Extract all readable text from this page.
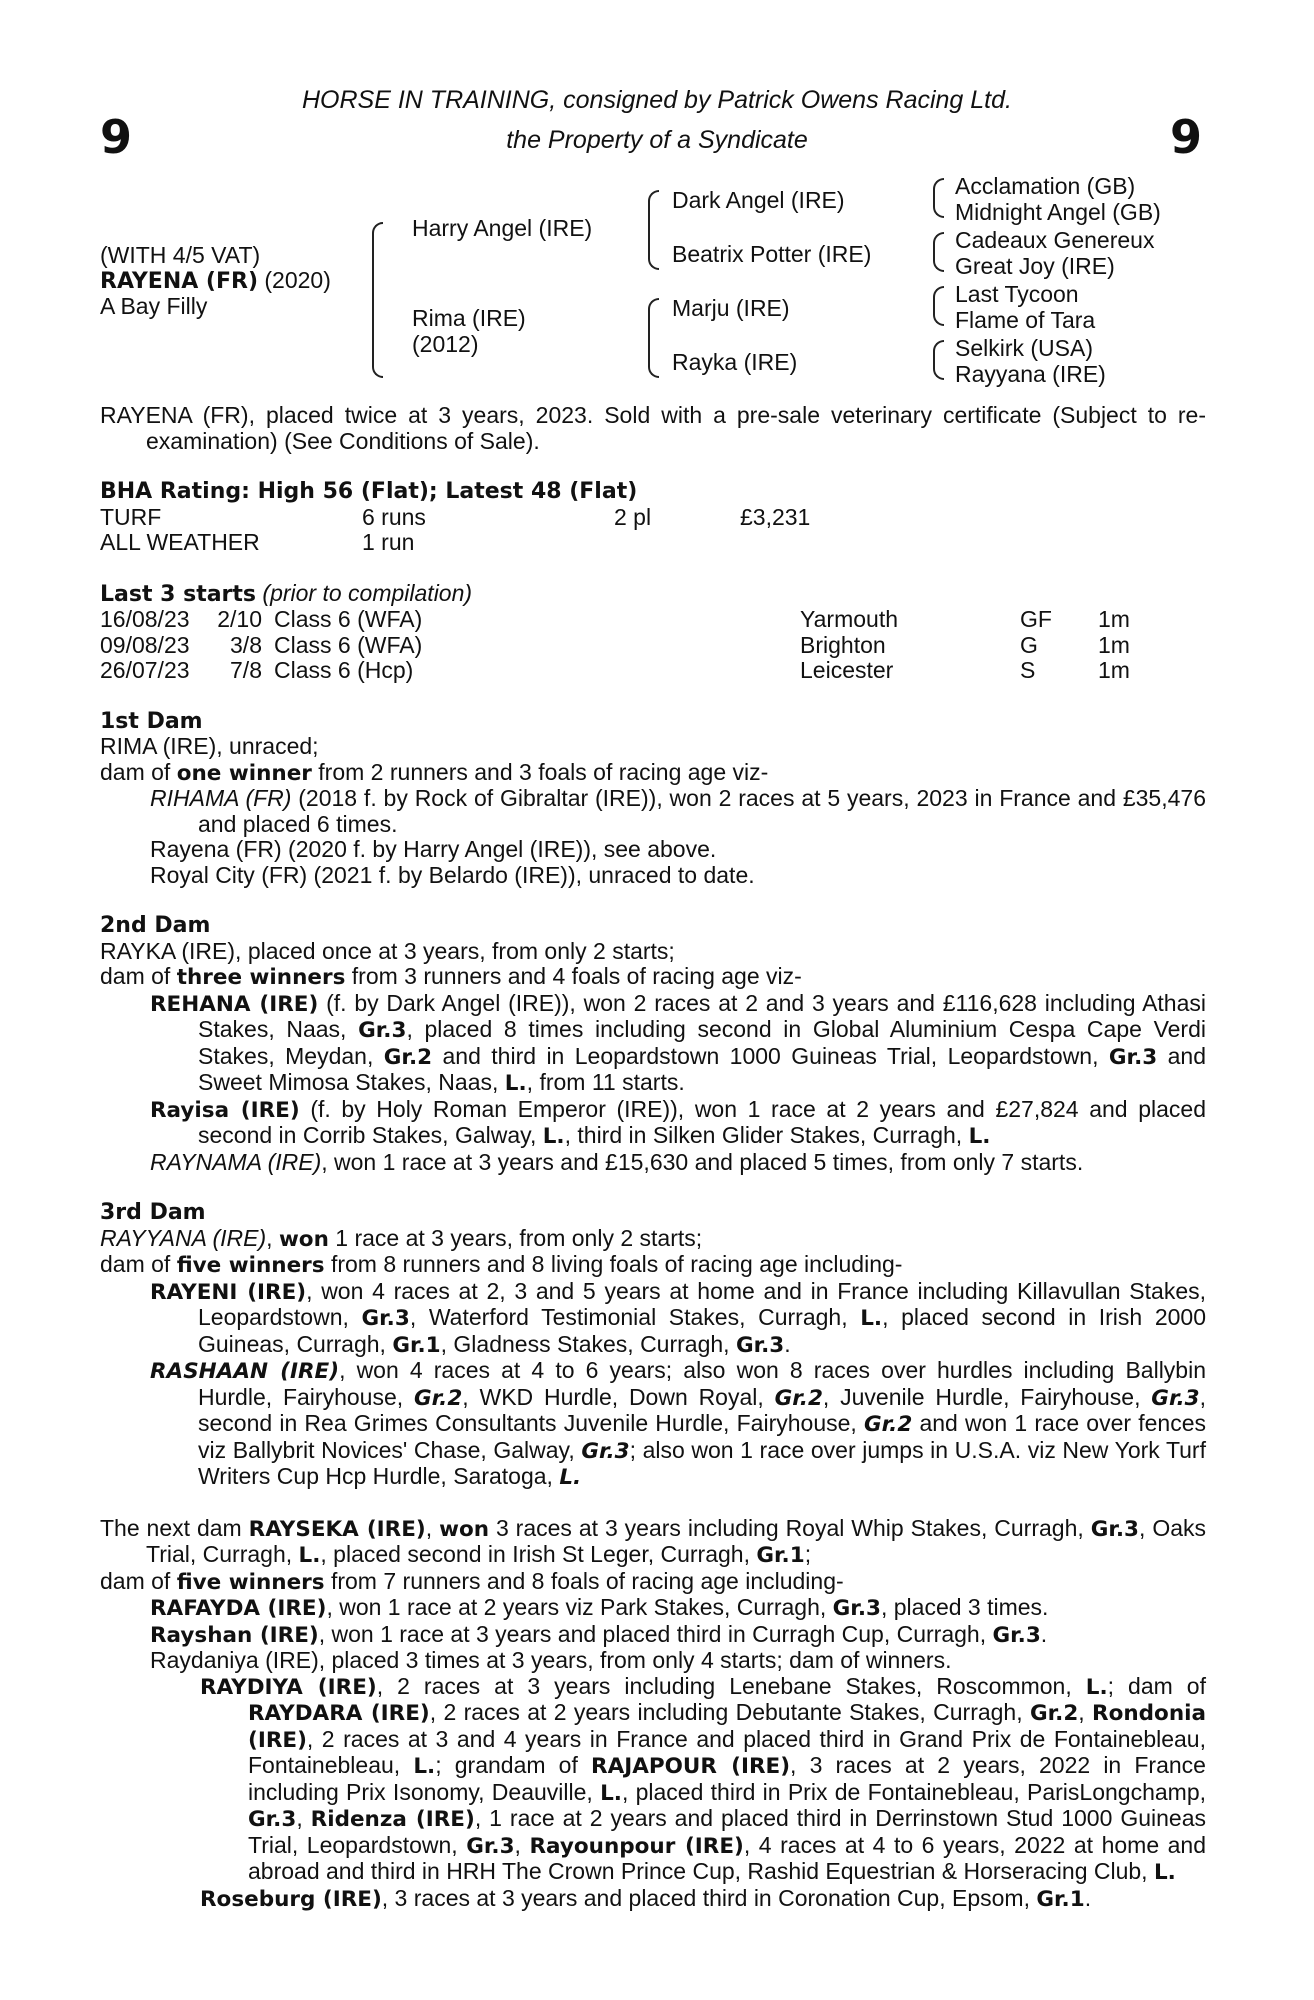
9	9
HORSE IN TRAINING, consigned by Patrick Owens Racing Ltd.
the Property of a Syndicate
(WITH 4/5 VAT)
RAYENA (FR) (2020)
A Bay Filly
Harry Angel (IRE)
Rima (IRE)
(2012)
Dark Angel (IRE)
Beatrix Potter (IRE)
Marju (IRE)
Rayka (IRE)
Acclamation (GB)
Midnight Angel (GB)
Cadeaux Genereux
Great Joy (IRE)
Last Tycoon
Flame of Tara
Selkirk (USA)
Rayyana (IRE)

RAYENA (FR), placed twice at 3 years, 2023. Sold with a pre-sale veterinary certificate (Subject to re- examination) (See Conditions of Sale).

BHA Rating: High 56 (Flat); Latest 48 (Flat)
TURF	6 runs	2 pl	£3,231
ALL WEATHER	1 run
Last 3 starts (prior to compilation)
16/08/23	2/10 Class 6 (WFA)	Yarmouth	GF	1m
09/08/23	3/8 Class 6 (WFA)	Brighton	G	1m
26/07/23	7/8 Class 6 (Hcp)	Leicester	S	1m
1st Dam

RIMA (IRE), unraced;

dam of one winner from 2 runners and 3 foals of racing age viz-

RIHAMA (FR) (2018 f. by Rock of Gibraltar (IRE)), won 2 races at 5 years, 2023 in France and £35,476 and placed 6 times.

Rayena (FR) (2020 f. by Harry Angel (IRE)), see above.

Royal City (FR) (2021 f. by Belardo (IRE)), unraced to date.

2nd Dam

RAYKA (IRE), placed once at 3 years, from only 2 starts;

dam of three winners from 3 runners and 4 foals of racing age viz-

REHANA (IRE) (f. by Dark Angel (IRE)), won 2 races at 2 and 3 years and £116,628 including Athasi Stakes, Naas, Gr.3, placed 8 times including second in Global Aluminium Cespa Cape Verdi Stakes, Meydan, Gr.2 and third in Leopardstown 1000 Guineas Trial, Leopardstown, Gr.3 and Sweet Mimosa Stakes, Naas, L., from 11 starts.

Rayisa (IRE) (f. by Holy Roman Emperor (IRE)), won 1 race at 2 years and £27,824 and placed second in Corrib Stakes, Galway, L., third in Silken Glider Stakes, Curragh, L.

RAYNAMA (IRE), won 1 race at 3 years and £15,630 and placed 5 times, from only 7 starts.

3rd Dam

RAYYANA (IRE), won 1 race at 3 years, from only 2 starts;

dam of five winners from 8 runners and 8 living foals of racing age including-

RAYENI (IRE), won 4 races at 2, 3 and 5 years at home and in France including Killavullan Stakes, Leopardstown, Gr.3, Waterford Testimonial Stakes, Curragh, L., placed second in Irish 2000 Guineas, Curragh, Gr.1, Gladness Stakes, Curragh, Gr.3.

RASHAAN (IRE), won 4 races at 4 to 6 years; also won 8 races over hurdles including Ballybin Hurdle, Fairyhouse, Gr.2, WKD Hurdle, Down Royal, Gr.2, Juvenile Hurdle, Fairyhouse, Gr.3, second in Rea Grimes Consultants Juvenile Hurdle, Fairyhouse, Gr.2 and won 1 race over fences viz Ballybrit Novices' Chase, Galway, Gr.3; also won 1 race over jumps in U.S.A. viz New York Turf Writers Cup Hcp Hurdle, Saratoga, L.

The next dam RAYSEKA (IRE), won 3 races at 3 years including Royal Whip Stakes, Curragh, Gr.3, Oaks Trial, Curragh, L., placed second in Irish St Leger, Curragh, Gr.1;

dam of five winners from 7 runners and 8 foals of racing age including-

RAFAYDA (IRE), won 1 race at 2 years viz Park Stakes, Curragh, Gr.3, placed 3 times.

Rayshan (IRE), won 1 race at 3 years and placed third in Curragh Cup, Curragh, Gr.3.

Raydaniya (IRE), placed 3 times at 3 years, from only 4 starts; dam of winners.

RAYDIYA (IRE), 2 races at 3 years including Lenebane Stakes, Roscommon, L.; dam of RAYDARA (IRE), 2 races at 2 years including Debutante Stakes, Curragh, Gr.2, Rondonia (IRE), 2 races at 3 and 4 years in France and placed third in Grand Prix de Fontainebleau, Fontainebleau, L.; grandam of RAJAPOUR (IRE), 3 races at 2 years, 2022 in France including Prix Isonomy, Deauville, L., placed third in Prix de Fontainebleau, ParisLongchamp, Gr.3, Ridenza (IRE), 1 race at 2 years and placed third in Derrinstown Stud 1000 Guineas Trial, Leopardstown, Gr.3, Rayounpour (IRE), 4 races at 4 to 6 years, 2022 at home and abroad and third in HRH The Crown Prince Cup, Rashid Equestrian & Horseracing Club, L.

Roseburg (IRE), 3 races at 3 years and placed third in Coronation Cup, Epsom, Gr.1.
